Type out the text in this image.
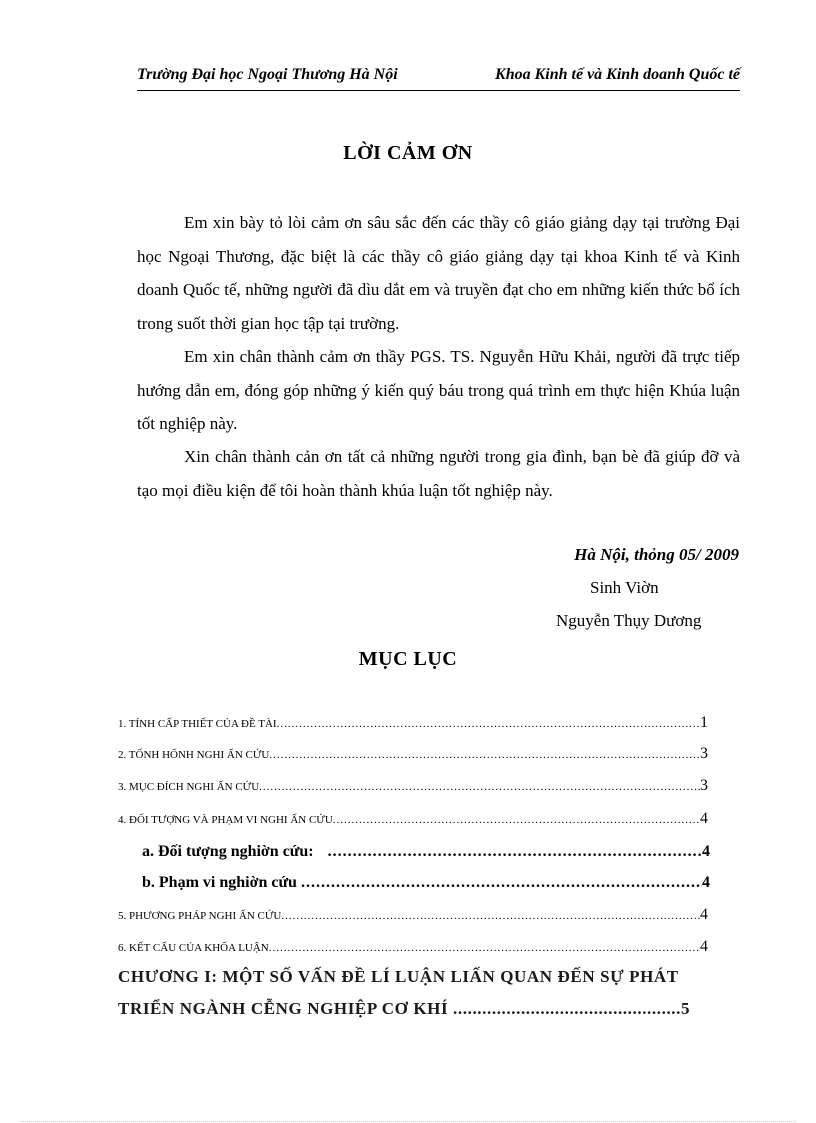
Trường Đại học Ngoại Thương Hà Nội	Khoa Kinh tế và Kinh doanh Quốc tế
LỜI CẢM ƠN

Em xin bày tỏ lòi cảm ơn sâu sắc đến các thầy cô giáo giảng dạy tại trường Đại học Ngoại Thương, đặc biệt là các thầy cô giáo giảng dạy tại khoa Kinh tế và Kinh doanh Quốc tế, những người đã dìu dắt em và truyền đạt cho em những kiến thức bổ ích trong suốt thời gian học tập tại trường.

Em xin chân thành cảm ơn thầy PGS. TS. Nguyễn Hữu Khải, người đã trực tiếp hướng dẫn em, đóng góp những ý kiến quý báu trong quá trình em thực hiện Khúa luận tốt nghiệp này.

Xin chân thành cản ơn tất cả những người trong gia đình, bạn bè đã giúp đỡ và tạo mọi điều kiện để tôi hoàn thành khúa luận tốt nghiệp này.

Hà Nội, thỏng 05/ 2009
Sinh Viờn
Nguyễn Thụy Dương
MỤC LỤC
1. TÍNH CẤP THIẾT CỦA ĐỀ TÀI .....	1
2. TỐNH HỐNH NGHI ẤN CỨU .....	3
3. MỤC ĐÍCH NGHI ẤN CỨU .....	3
4. ĐỐI TƯỢNG VÀ PHẠM VI NGHI ẤN CỨU .....	4
a. Đối tượng nghiờn cứu: .....	4
b. Phạm vi nghiờn cứu .....	4
5. PHƯƠNG PHÁP NGHI ẤN CỨU .....	4
6. KẾT CẤU CỦA KHỐA LUẬN .....	4
CHƯƠNG I: MỘT SỐ VẤN ĐỀ LÍ LUẬN LIẤN QUAN ĐẾN SỰ PHÁT
TRIỂN NGÀNH CỄNG NGHIỆP CƠ KHÍ .....	5
